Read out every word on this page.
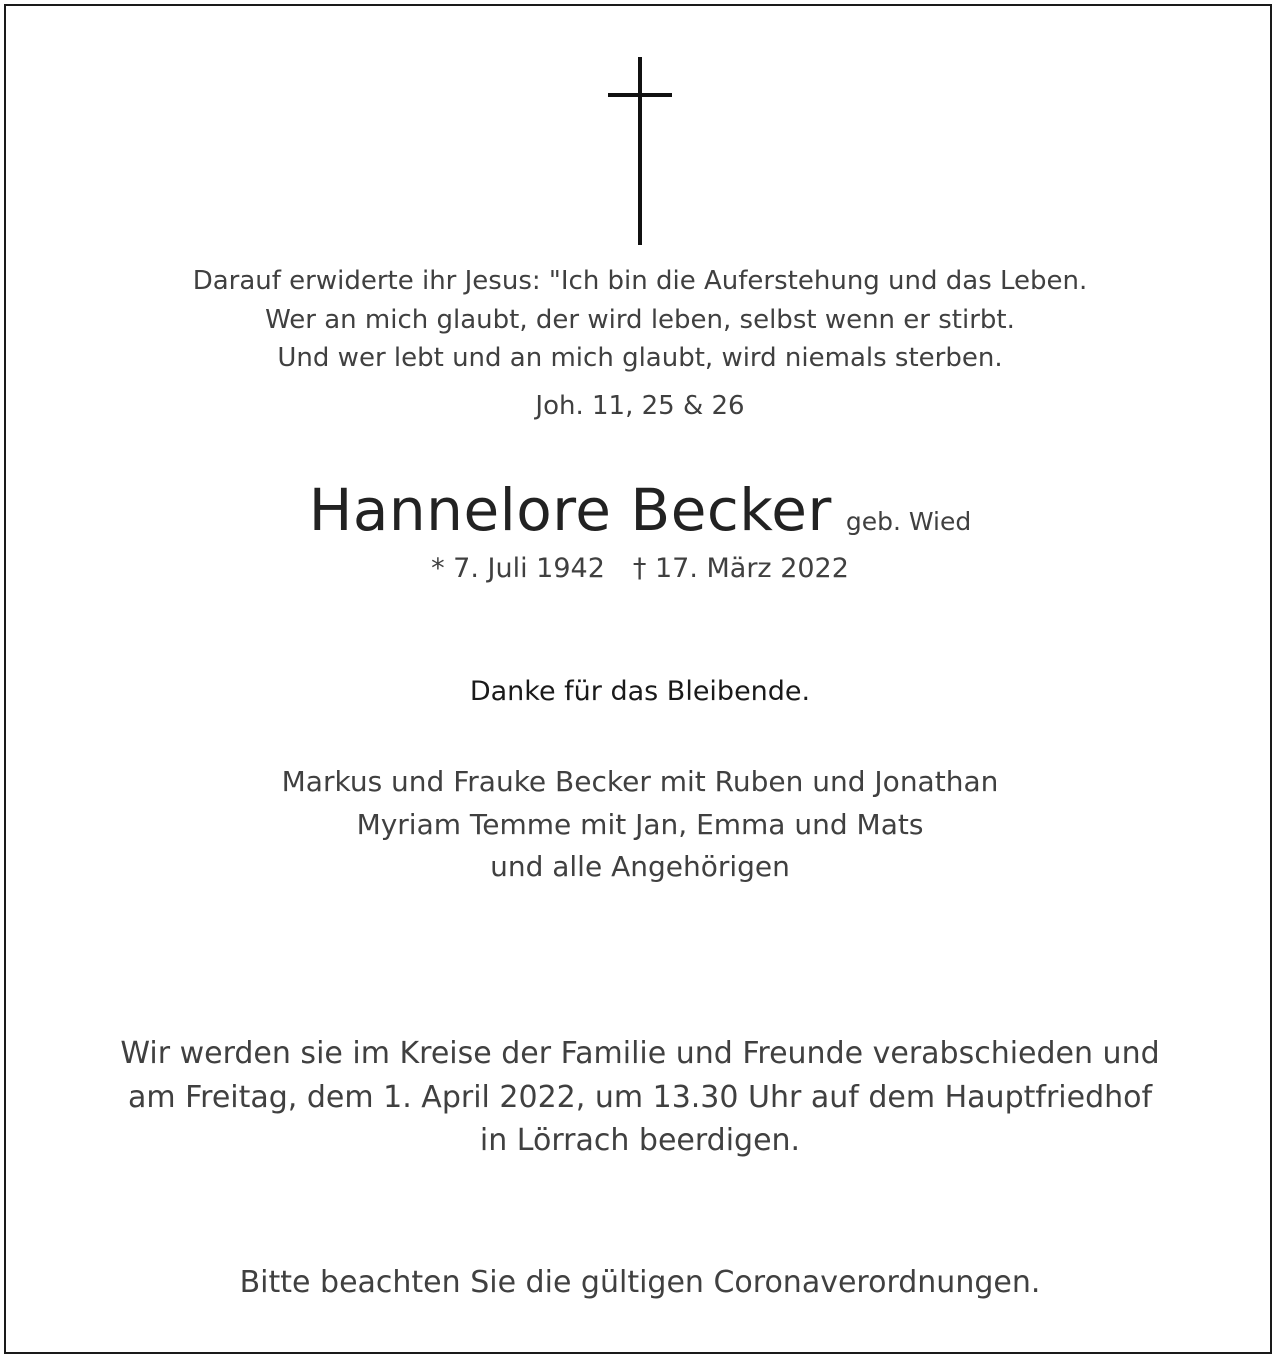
Darauf erwiderte ihr Jesus: "Ich bin die Auferstehung und das Leben.
Wer an mich glaubt, der wird leben, selbst wenn er stirbt.
Und wer lebt und an mich glaubt, wird niemals sterben.
Joh. 11, 25 & 26
Hannelore Becker geb. Wied
* 7. Juli 1942 † 17. März 2022
Danke für das Bleibende.
Markus und Frauke Becker mit Ruben und Jonathan
Myriam Temme mit Jan, Emma und Mats
und alle Angehörigen
Wir werden sie im Kreise der Familie und Freunde verabschieden und
am Freitag, dem 1. April 2022, um 13.30 Uhr auf dem Hauptfriedhof
in Lörrach beerdigen.
Bitte beachten Sie die gültigen Coronaverordnungen.
